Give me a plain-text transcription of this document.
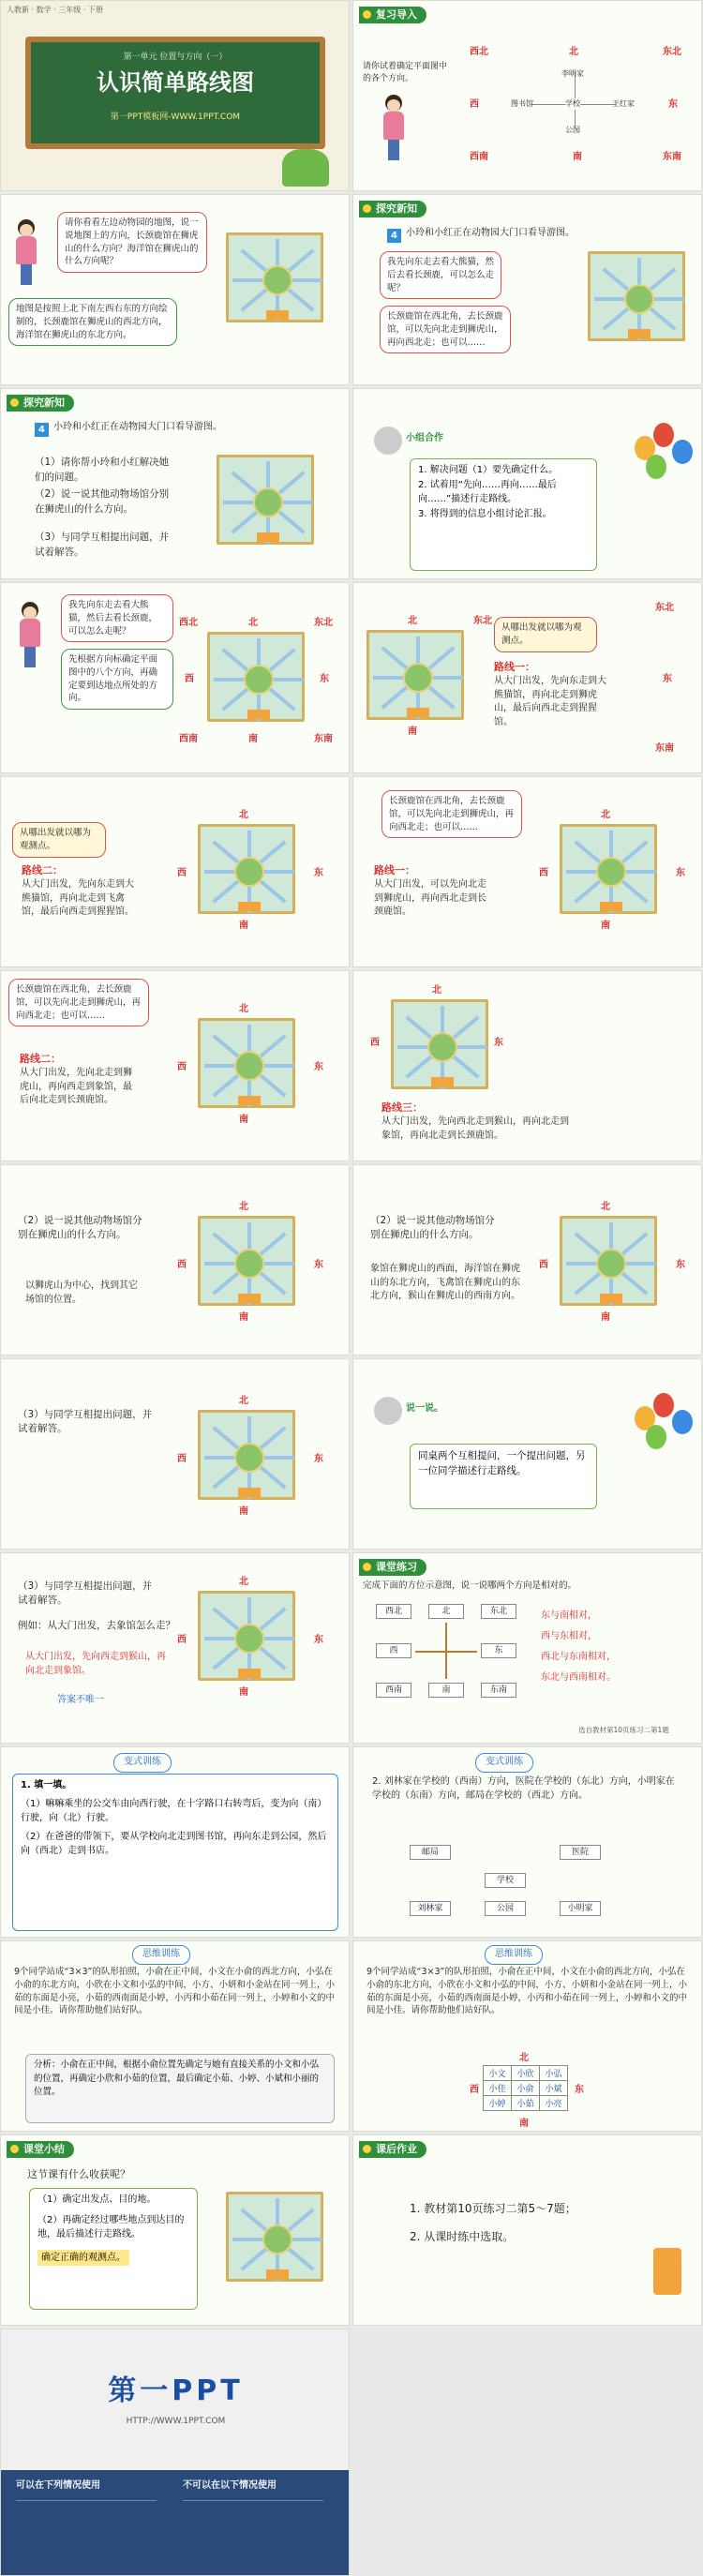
人教新 · 数学 · 三年级 · 下册
第一单元 位置与方向（一）
认识简单路线图
第一PPT模板网-WWW.1PPT.COM
复习导入
请你试着确定平面图中的各个方向。
西北	北	东北
西	东
西南	南	东南
李明家
图书馆	学校	王红家
公园
请你看看左边动物园的地图，说一说地图上的方向，长颈鹿馆在狮虎山的什么方向？海洋馆在狮虎山的什么方向呢？
地图是按照上北下南左西右东的方向绘制的，长颈鹿馆在狮虎山的西北方向，海洋馆在狮虎山的东北方向。
探究新知
4 小玲和小红正在动物园大门口看导游图。
我先向东走去看大熊猫，然后去看长颈鹿，可以怎么走呢？
长颈鹿馆在西北角，去长颈鹿馆，可以先向北走到狮虎山，再向西北走；也可以……
探究新知
4 小玲和小红正在动物园大门口看导游图。
（1）请你帮小玲和小红解决她们的问题。
（2）说一说其他动物场馆分别在狮虎山的什么方向。
（3）与同学互相提出问题，并试着解答。
小组合作
1. 解决问题（1）要先确定什么。
2. 试着用“先向……再向……最后向……”描述行走路线。
3. 将得到的信息小组讨论汇报。
我先向东走去看大熊猫，然后去看长颈鹿，可以怎么走呢？
先根据方向标确定平面图中的八个方向，再确定要到达地点所处的方向。
北	东北
东
东南
南
西南
西
西北	北	东北
南
从哪出发就以哪为观测点。
路线一：
从大门出发，先向东走到大熊猫馆，再向北走到狮虎山，最后向西北走到猩猩馆。
东北
东
东南
从哪出发就以哪为观测点。
路线二：
从大门出发，先向东走到大熊猫馆，再向北走到飞禽馆，最后向西走到猩猩馆。
北
东
南
西
长颈鹿馆在西北角，去长颈鹿馆，可以先向北走到狮虎山，再向西北走；也可以……
路线一：
从大门出发，可以先向北走到狮虎山，再向西北走到长颈鹿馆。
北
东
南
西
长颈鹿馆在西北角，去长颈鹿馆，可以先向北走到狮虎山，再向西北走；也可以……
路线二：
从大门出发，先向北走到狮虎山，再向西走到象馆，最后向北走到长颈鹿馆。
北
东
南
西
北
东
西
路线三：
从大门出发，先向西北走到猴山，再向北走到象馆，再向北走到长颈鹿馆。
（2）说一说其他动物场馆分别在狮虎山的什么方向。
以狮虎山为中心，找到其它场馆的位置。
北
东
南
西
（2）说一说其他动物场馆分别在狮虎山的什么方向。
象馆在狮虎山的西面，海洋馆在狮虎山的东北方向，飞禽馆在狮虎山的东北方向，猴山在狮虎山的西南方向。
北
东
南
西
（3）与同学互相提出问题，并试着解答。
北
东
南
西
说一说。
同桌两个互相提问，一个提出问题，另一位同学描述行走路线。
（3）与同学互相提出问题，并试着解答。
例如：从大门出发，去象馆怎么走？
从大门出发，先向西走到猴山，再向北走到象馆。
答案不唯一
北
东
南
西
课堂练习
完成下面的方位示意图，说一说哪两个方向是相对的。
西北	北	东北
西	东
西南	南	东南
东与南相对，
西与东相对，
西北与东南相对，
东北与西南相对。
选自教材第10页练习二第1题
变式训练
1. 填一填。
（1）嘛嘛乘坐的公交车由向西行驶，在十字路口右转弯后，变为向（南）行驶，向（北）行驶。
（2）在爸爸的带领下，要从学校向北走到图书馆，再向东走到公园，然后向（西北）走到书店。
变式训练
2. 刘林家在学校的（西南）方向，医院在学校的（东北）方向，小明家在学校的（东南）方向，邮局在学校的（西北）方向。
邮局	医院
学校
刘林家	公园	小明家
思维训练
9个同学站成“3×3”的队形拍照，小俞在正中间，小文在小俞的西北方向，小弘在小俞的东北方向，小欣在小文和小弘的中间，小方、小妍和小金站在同一列上，小茹的东面是小亮，小茹的西南面是小婷，小丙和小茹在同一列上，小婷和小文的中间是小佳。请你帮助他们站好队。
分析：小俞在正中间，根据小俞位置先确定与她有直接关系的小文和小弘的位置，再确定小欣和小茹的位置，最后确定小茹、小婷、小斌和小丽的位置。
思维训练
9个同学站成“3×3”的队形拍照，小俞在正中间，小文在小俞的西北方向，小弘在小俞的东北方向，小欣在小文和小弘的中间，小方、小妍和小金站在同一列上，小茹的东面是小亮，小茹的西南面是小婷，小丙和小茹在同一列上，小婷和小文的中间是小佳。请你帮助他们站好队。
北
南
西	东
小文	小欣	小弘
小佳	小俞	小斌
小婷	小茹	小亮
课堂小结
这节课有什么收获呢？
（1）确定出发点、目的地。
（2）再确定经过哪些地点到达目的地，最后描述行走路线。
确定正确的观测点。
课后作业
1. 教材第10页练习二第5～7题；
2. 从课时练中选取。
第一PPT
HTTP://WWW.1PPT.COM
可以在下列情况使用	不可以在以下情况使用
